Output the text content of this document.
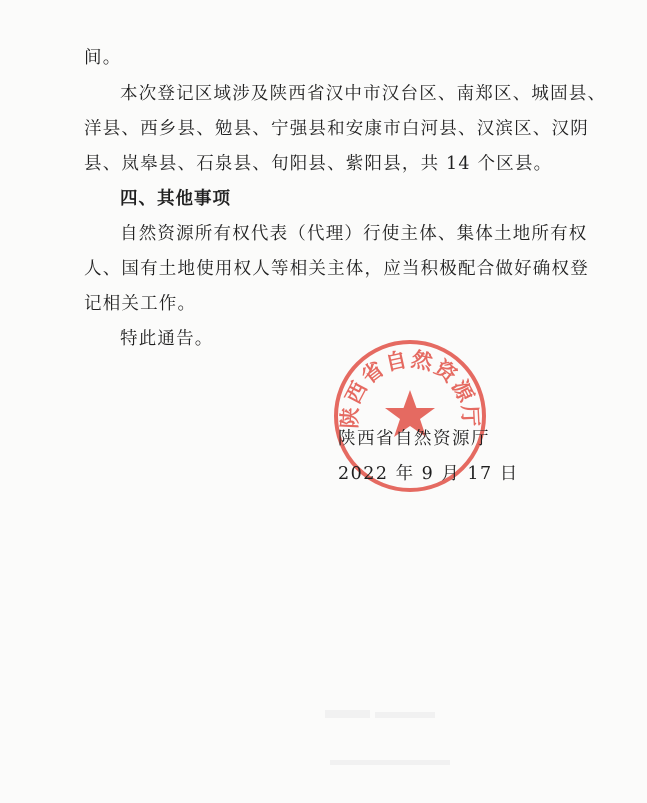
间。
本次登记区域涉及陕西省汉中市汉台区、南郑区、城固县、
洋县、西乡县、勉县、宁强县和安康市白河县、汉滨区、汉阴
县、岚皋县、石泉县、旬阳县、紫阳县，共 14 个区县。
四、其他事项
自然资源所有权代表（代理）行使主体、集体土地所有权
人、国有土地使用权人等相关主体，应当积极配合做好确权登
记相关工作。
特此通告。
陕西省自然资源厅
陕西省自然资源厅
2022 年 9 月 17 日
